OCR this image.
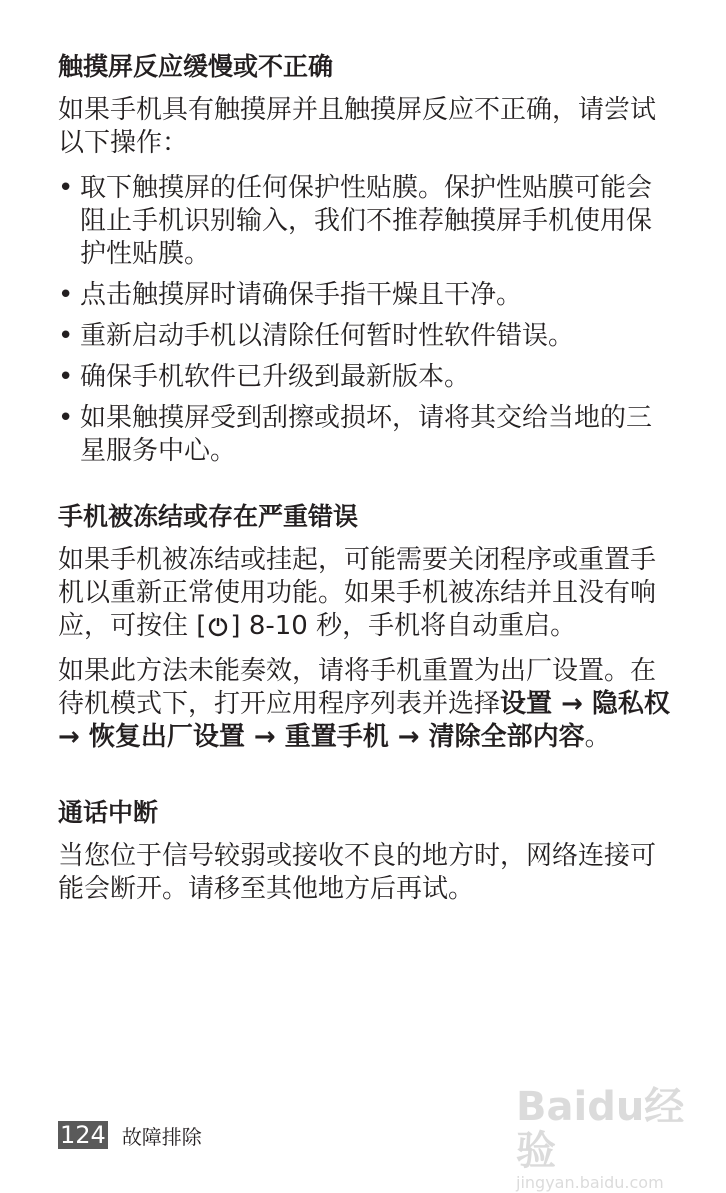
触摸屏反应缓慢或不正确
如果手机具有触摸屏并且触摸屏反应不正确，请尝试以下操作：
• 取下触摸屏的任何保护性贴膜。保护性贴膜可能会阻止手机识别输入，我们不推荐触摸屏手机使用保护性贴膜。
• 点击触摸屏时请确保手指干燥且干净。
• 重新启动手机以清除任何暂时性软件错误。
• 确保手机软件已升级到最新版本。
• 如果触摸屏受到刮擦或损坏，请将其交给当地的三星服务中心。
手机被冻结或存在严重错误
如果手机被冻结或挂起，可能需要关闭程序或重置手机以重新正常使用功能。如果手机被冻结并且没有响应，可按住 [ ] 8-10 秒，手机将自动重启。
如果此方法未能奏效，请将手机重置为出厂设置。在待机模式下，打开应用程序列表并选择设置 → 隐私权 → 恢复出厂设置 → 重置手机 → 清除全部内容。
通话中断
当您位于信号较弱或接收不良的地方时，网络连接可能会断开。请移至其他地方后再试。
124 故障排除
Baidu经验
jingyan.baidu.com
